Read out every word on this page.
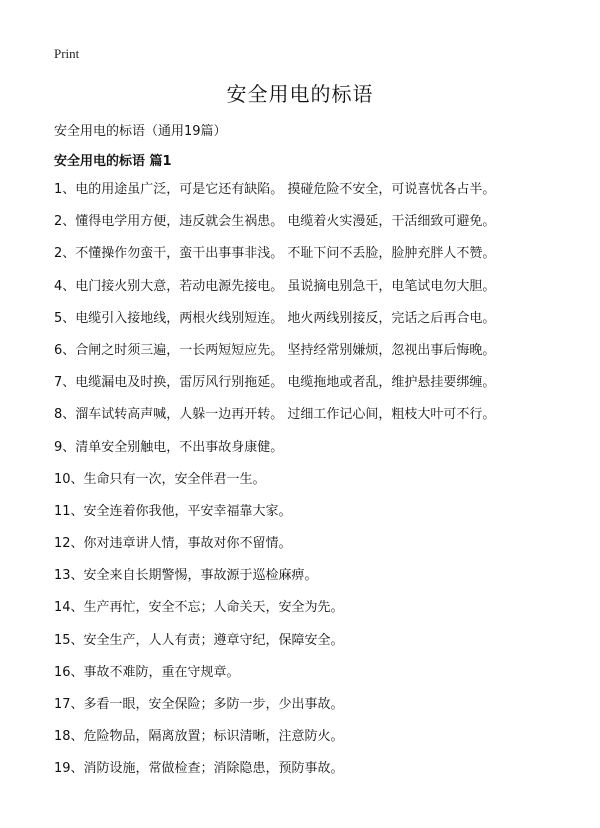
Print
安全用电的标语

安全用电的标语（通用19篇）

安全用电的标语 篇1

1、电的用途虽广泛，可是它还有缺陷。 摸碰危险不安全，可说喜忧各占半。
2、懂得电学用方便，违反就会生祸患。 电缆着火实漫延，干活细致可避免。
2、不懂操作勿蛮干，蛮干出事事非浅。 不耻下问不丢脸，脸肿充胖人不赞。
4、电门接火别大意，若动电源先接电。 虽说摘电别急干，电笔试电勿大胆。
5、电缆引入接地线，两根火线别短连。 地火两线别接反，完话之后再合电。
6、合闸之时须三遍，一长两短短应先。 坚持经常别嫌烦，忽视出事后悔晚。
7、电缆漏电及时换，雷厉风行别拖延。 电缆拖地或者乱，维护悬挂要绑缠。
8、溜车试转高声喊，人躲一边再开转。 过细工作记心间，粗枝大叶可不行。
9、清单安全别触电，不出事故身康健。
10、生命只有一次，安全伴君一生。
11、安全连着你我他，平安幸福靠大家。
12、你对违章讲人情，事故对你不留情。
13、安全来自长期警惕，事故源于巡检麻痹。
14、生产再忙，安全不忘；人命关天，安全为先。
15、安全生产，人人有责；遵章守纪，保障安全。
16、事故不难防，重在守规章。
17、多看一眼，安全保险；多防一步，少出事故。
18、危险物品，隔离放置；标识清晰，注意防火。
19、消防设施，常做检查；消除隐患，预防事故。
